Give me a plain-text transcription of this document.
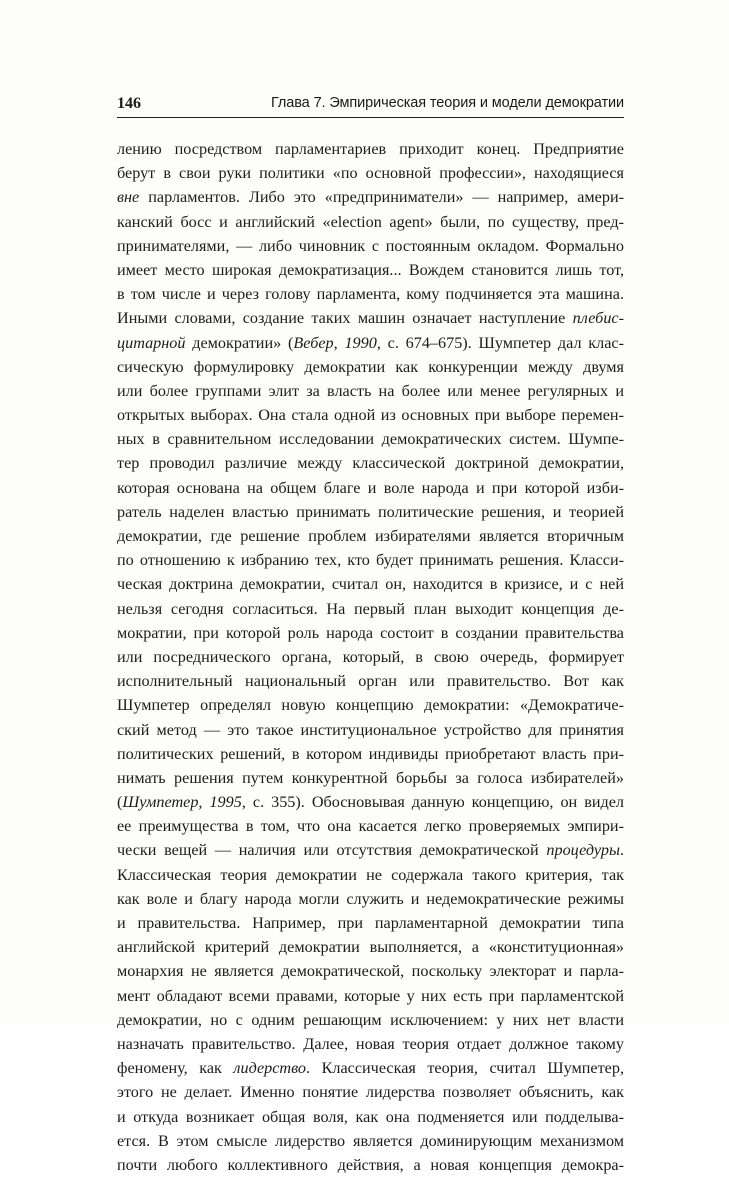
146	Глава 7. Эмпирическая теория и модели демократии
лению посредством парламентариев приходит конец. Предприятие
берут в свои руки политики «по основной профессии», находящиеся
вне парламентов. Либо это «предприниматели» — например, амери-
канский босс и английский «election agent» были, по существу, пред-
принимателями, — либо чиновник с постоянным окладом. Формально
имеет место широкая демократизация... Вождем становится лишь тот,
в том числе и через голову парламента, кому подчиняется эта машина.
Иными словами, создание таких машин означает наступление плебис-
цитарной демократии» (Вебер, 1990, с. 674–675). Шумпетер дал клас-
сическую формулировку демократии как конкуренции между двумя
или более группами элит за власть на более или менее регулярных и
открытых выборах. Она стала одной из основных при выборе перемен-
ных в сравнительном исследовании демократических систем. Шумпе-
тер проводил различие между классической доктриной демократии,
которая основана на общем благе и воле народа и при которой изби-
ратель наделен властью принимать политические решения, и теорией
демократии, где решение проблем избирателями является вторичным
по отношению к избранию тех, кто будет принимать решения. Класси-
ческая доктрина демократии, считал он, находится в кризисе, и с ней
нельзя сегодня согласиться. На первый план выходит концепция де-
мократии, при которой роль народа состоит в создании правительства
или посреднического органа, который, в свою очередь, формирует
исполнительный национальный орган или правительство. Вот как
Шумпетер определял новую концепцию демократии: «Демократиче-
ский метод — это такое институциональное устройство для принятия
политических решений, в котором индивиды приобретают власть при-
нимать решения путем конкурентной борьбы за голоса избирателей»
(Шумпетер, 1995, с. 355). Обосновывая данную концепцию, он видел
ее преимущества в том, что она касается легко проверяемых эмпири-
чески вещей — наличия или отсутствия демократической процедуры.
Классическая теория демократии не содержала такого критерия, так
как воле и благу народа могли служить и недемократические режимы
и правительства. Например, при парламентарной демократии типа
английской критерий демократии выполняется, а «конституционная»
монархия не является демократической, поскольку электорат и парла-
мент обладают всеми правами, которые у них есть при парламентской
демократии, но с одним решающим исключением: у них нет власти
назначать правительство. Далее, новая теория отдает должное такому
феномену, как лидерство. Классическая теория, считал Шумпетер,
этого не делает. Именно понятие лидерства позволяет объяснить, как
и откуда возникает общая воля, как она подменяется или подделыва-
ется. В этом смысле лидерство является доминирующим механизмом
почти любого коллективного действия, а новая концепция демокра-
